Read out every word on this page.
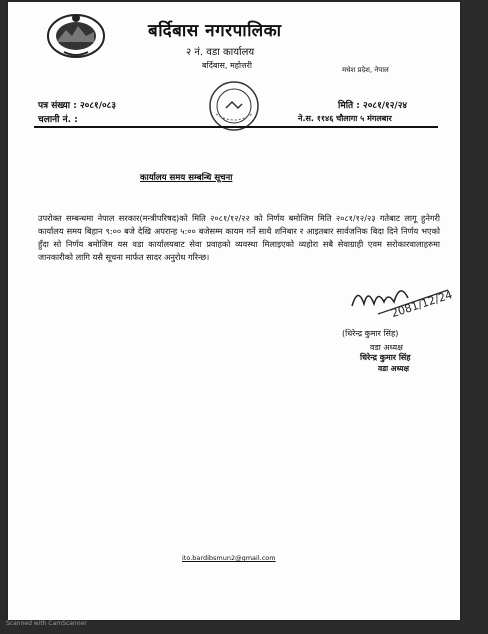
बर्दिबास नगरपालिका
२ नं. वडा कार्यालय
बर्दिबास, महोत्तरी	मधेश प्रदेश, नेपाल
पत्र संख्या : २०८१/०८३
चलानी नं. :
मिति : २०८१/१२/२४
ने.स. ११४६ चौलागा ५ मंगलबार
कार्यालय समय सम्बन्धि सूचना
उपरोक्त सम्बन्धमा नेपाल सरकार(मन्त्रीपरिषद)को मिति २०८१/१२/२२ को निर्णय बमोजिम मिति २०८१/१२/२३ गतेबाट लागू हुनेगरी कार्यालय समय बिहान ९:०० बजे देखि अपरान्ह ५:०० बजेसम्म कायम गर्ने साथै शनिबार र आइतबार सार्वजनिक बिदा दिने निर्णय भएको हुँदा सो निर्णय बमोजिम यस वडा कार्यालयबाट सेवा प्रवाहको व्यवस्था मिलाइएको व्यहोरा सबै सेवाग्राही एवम सरोकारवालाहरुमा जानकारीको लागि यसै सूचना मार्फत सादर अनुरोध गरिन्छ।
2081/12/24
(धिरेन्द्र कुमार सिंह)
वडा अध्यक्ष
धिरेन्द्र कुमार सिंह
वडा अध्यक्ष
ito.bardibsmun2@gmail.com
Scanned with CamScanner
